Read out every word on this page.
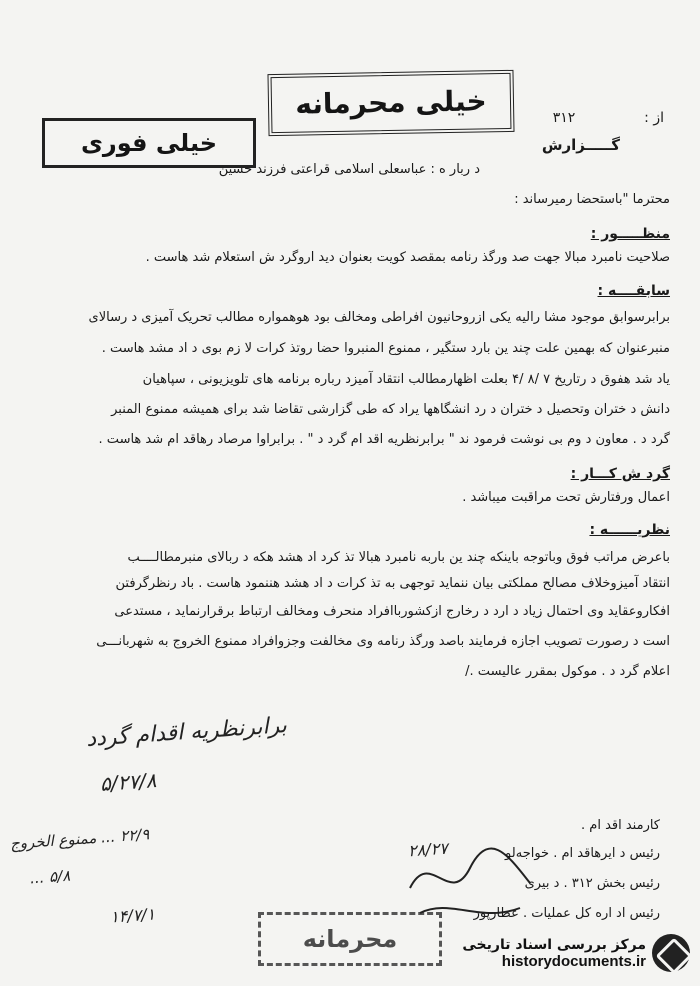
خیلی محرمانه
خیلی فوری
از :  ۳۱۲
گـــــزارش
د ربار ه : عباسعلی اسلامی قراعتی فرزند حسین
محترما "باستحضا رمیرساند :
منظـــــور :
صلاحیت نامبرد مبالا جهت صد ورگذ رنامه بمقصد کویت بعنوان دید اروگرد ش استعلام شد هاست .
سابقــــه :
برابرسوابق موجود مشا رالیه یکی ازروحانیون افراطی ومخالف بود هوهمواره مطالب تحریک آمیزی د رسالای
منبرعنوان که بهمین علت چند ین بارد ستگیر ، ممنوع المنبروا حضا روتذ کرات لا زم بوی د اد مشد هاست .
یاد شد هفوق د رتاریخ ۷ /۸ /۴ بعلت اظهارمطالب انتقاد آمیزد رباره برنامه های تلویزیونی ، سپاهیان
دانش د ختران وتحصیل د ختران د رد انشگاهها یراد که طی گزارشی تقاضا شد برای همیشه ممنوع المنبر
گرد د . معاون د وم بی نوشت فرمود ند " برابرنظریه اقد ام گرد د " . برابراوا مرصاد رهاقد ام شد هاست .
گرد ش کـــار :
اعمال ورفتارش تحت مراقبت میباشد .
نظریــــــه :
باعرض مراتب فوق وباتوجه باینکه چند ین باربه نامبرد هبالا تذ کرد اد هشد هکه د ربالای منبرمطالــــب
انتقاد آمیزوخلاف مصالح مملکتی بیان ننماید توجهی به تذ کرات د اد هشد هننمود هاست . باد رنظرگرفتن
افکاروعقاید وی احتمال زیاد د ارد د رخارج ازکشورباافراد منحرف ومخالف ارتباط برقرارنماید ، مستدعی
است د رصورت تصویب اجازه فرمایند باصد ورگذ رنامه وی مخالفت وجزوافراد ممنوع الخروج به شهربانـــی
اعلام گرد د . موکول بمقرر عالیست ./
برابرنظریه اقدام گردد
۵/۲۷/۸
۲۲/۹ ... ممنوع الخروج
... ۵/۸
۱۴/۷/۱
۲۸/۲۷
کارمند اقد ام .
رئیس د ایرهاقد ام . خواجه‌لو
رئیس بخش ۳۱۲ . د بیری
رئیس اد اره کل عملیات . عطارپور
محرمانه	مرکز بررسی اسناد تاریخی
historydocuments.ir
